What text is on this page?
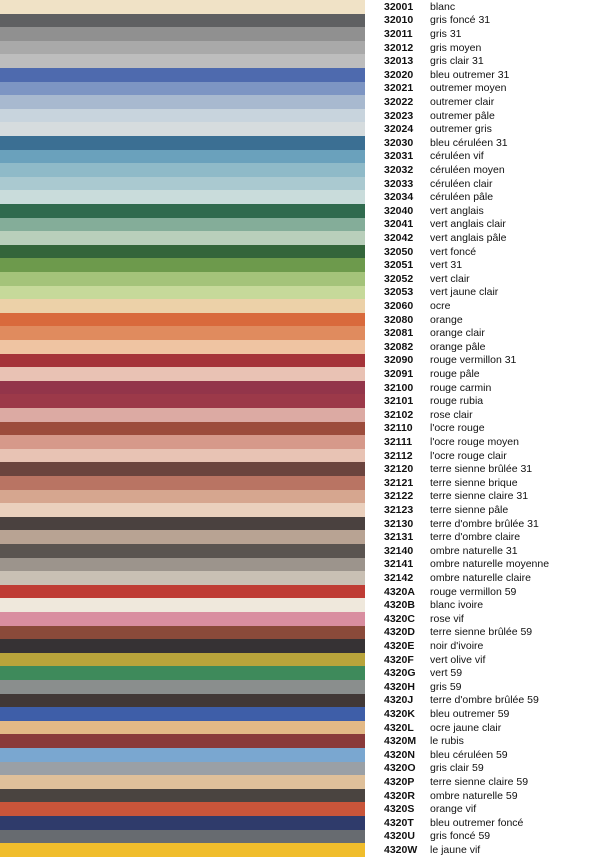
32001 blanc
32010 gris foncé 31
32011 gris 31
32012 gris moyen
32013 gris clair 31
32020 bleu outremer 31
32021 outremer moyen
32022 outremer clair
32023 outremer pâle
32024 outremer gris
32030 bleu céruléen 31
32031 céruléen vif
32032 céruléen moyen
32033 céruléen clair
32034 céruléen pâle
32040 vert anglais
32041 vert anglais clair
32042 vert anglais pâle
32050 vert foncé
32051 vert 31
32052 vert clair
32053 vert jaune clair
32060 ocre
32080 orange
32081 orange clair
32082 orange pâle
32090 rouge vermillon 31
32091 rouge pâle
32100 rouge carmin
32101 rouge rubia
32102 rose clair
32110 l'ocre rouge
32111 l'ocre rouge moyen
32112 l'ocre rouge clair
32120 terre sienne brûlée 31
32121 terre sienne brique
32122 terre sienne claire 31
32123 terre sienne pâle
32130 terre d'ombre brûlée 31
32131 terre d'ombre claire
32140 ombre naturelle 31
32141 ombre naturelle moyenne
32142 ombre naturelle claire
4320A rouge vermillon 59
4320B blanc ivoire
4320C rose vif
4320D terre sienne brûlée 59
4320E noir d'ivoire
4320F vert olive vif
4320G vert 59
4320H gris 59
4320J terre d'ombre brûlée 59
4320K bleu outremer 59
4320L ocre jaune clair
4320M le rubis
4320N bleu céruléen 59
4320O gris clair 59
4320P terre sienne claire 59
4320R ombre naturelle 59
4320S orange vif
4320T bleu outremer foncé
4320U gris foncé 59
4320W le jaune vif
